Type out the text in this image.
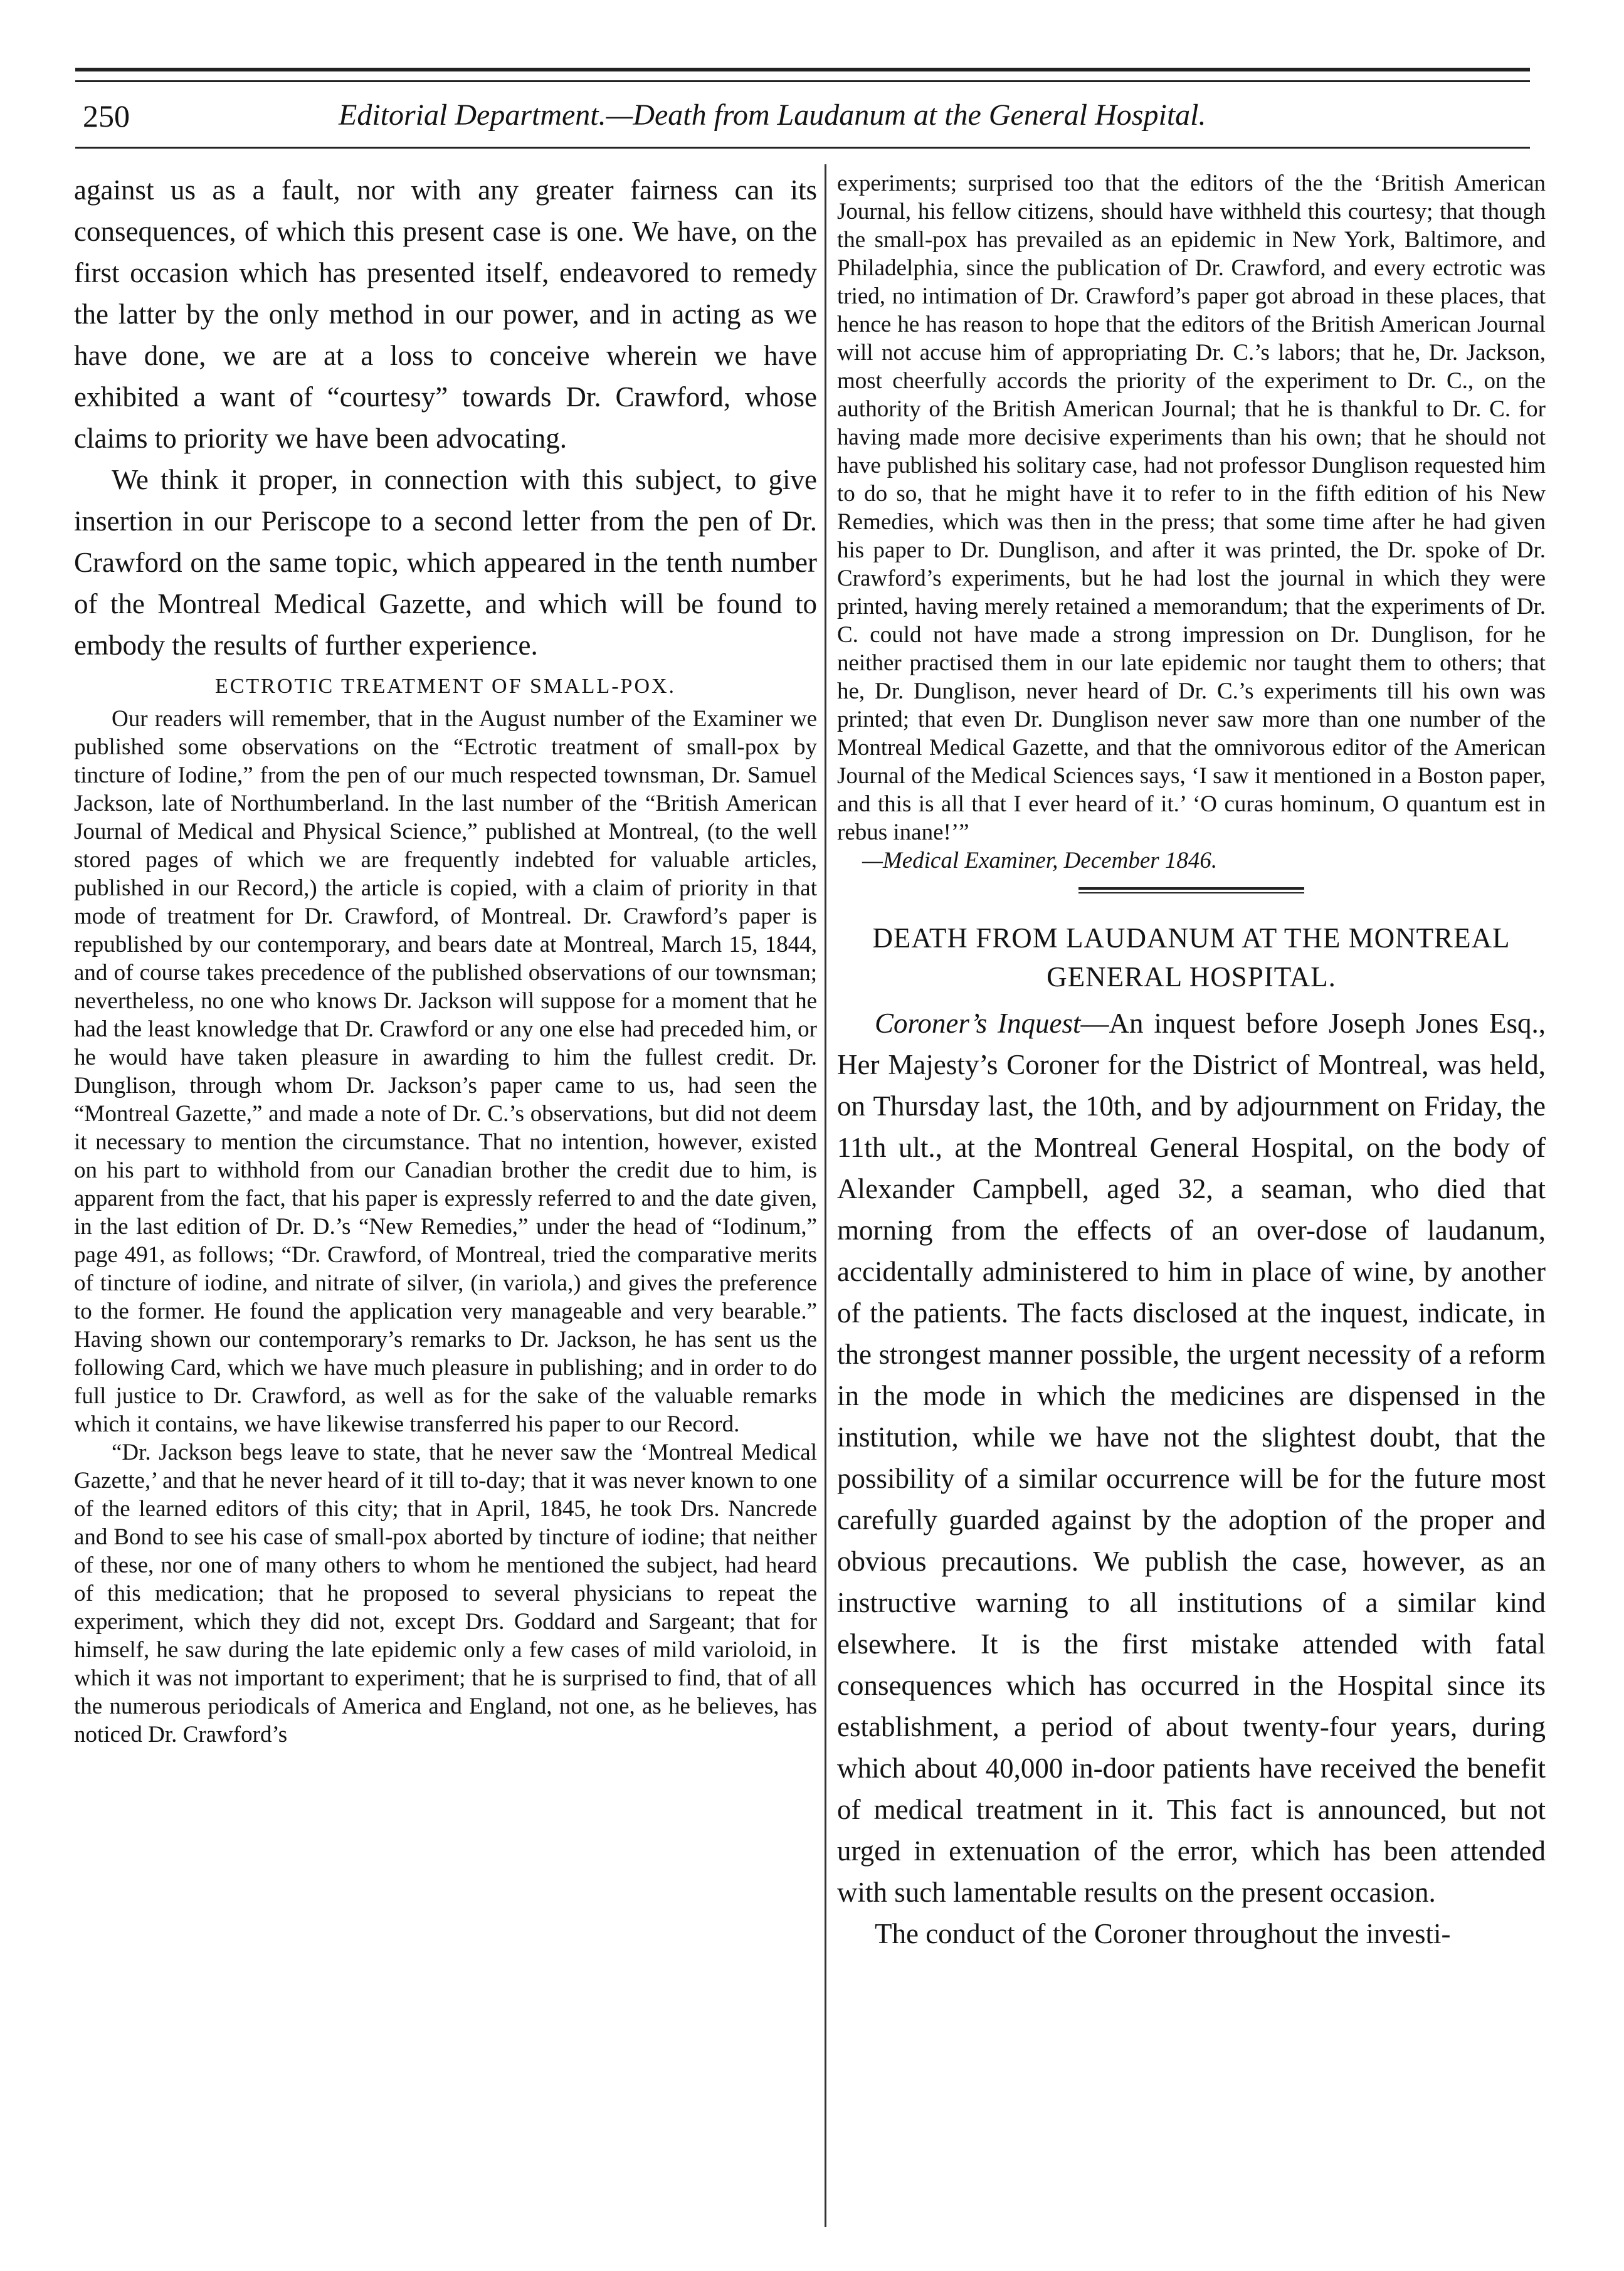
250	Editorial Department.—Death from Laudanum at the General Hospital.

against us as a fault, nor with any greater fairness can its consequences, of which this present case is one. We have, on the first occasion which has presented itself, endeavored to remedy the latter by the only method in our power, and in acting as we have done, we are at a loss to conceive wherein we have exhibited a want of “courtesy” towards Dr. Crawford, whose claims to priority we have been advocating.

We think it proper, in connection with this subject, to give insertion in our Periscope to a second letter from the pen of Dr. Crawford on the same topic, which appeared in the tenth number of the Montreal Medical Gazette, and which will be found to embody the results of further experience.

ECTROTIC TREATMENT OF SMALL-POX.

Our readers will remember, that in the August number of the Examiner we published some observations on the “Ectrotic treatment of small-pox by tincture of Iodine,” from the pen of our much respected townsman, Dr. Samuel Jackson, late of Northumberland. In the last number of the “British American Journal of Medical and Physical Science,” published at Montreal, (to the well stored pages of which we are frequently indebted for valuable articles, published in our Record,) the article is copied, with a claim of priority in that mode of treatment for Dr. Crawford, of Montreal. Dr. Crawford’s paper is republished by our contemporary, and bears date at Montreal, March 15, 1844, and of course takes precedence of the published observations of our townsman; nevertheless, no one who knows Dr. Jackson will suppose for a moment that he had the least knowledge that Dr. Crawford or any one else had preceded him, or he would have taken pleasure in awarding to him the fullest credit. Dr. Dunglison, through whom Dr. Jackson’s paper came to us, had seen the “Montreal Gazette,” and made a note of Dr. C.’s observations, but did not deem it necessary to mention the circumstance. That no intention, however, existed on his part to withhold from our Canadian brother the credit due to him, is apparent from the fact, that his paper is expressly referred to and the date given, in the last edition of Dr. D.’s “New Remedies,” under the head of “Iodinum,” page 491, as follows; “Dr. Crawford, of Montreal, tried the comparative merits of tincture of iodine, and nitrate of silver, (in variola,) and gives the preference to the former. He found the application very manageable and very bearable.” Having shown our contemporary’s remarks to Dr. Jackson, he has sent us the following Card, which we have much pleasure in publishing; and in order to do full justice to Dr. Crawford, as well as for the sake of the valuable remarks which it contains, we have likewise transferred his paper to our Record.

“Dr. Jackson begs leave to state, that he never saw the ‘Montreal Medical Gazette,’ and that he never heard of it till to-day; that it was never known to one of the learned editors of this city; that in April, 1845, he took Drs. Nancrede and Bond to see his case of small-pox aborted by tincture of iodine; that neither of these, nor one of many others to whom he mentioned the subject, had heard of this medication; that he proposed to several physicians to repeat the experiment, which they did not, except Drs. Goddard and Sargeant; that for himself, he saw during the late epidemic only a few cases of mild varioloid, in which it was not important to experiment; that he is surprised to find, that of all the numerous periodicals of America and England, not one, as he believes, has noticed Dr. Crawford’s

experiments; surprised too that the editors of the the ‘British American Journal, his fellow citizens, should have withheld this courtesy; that though the small-pox has prevailed as an epidemic in New York, Baltimore, and Philadelphia, since the publication of Dr. Crawford, and every ectrotic was tried, no intimation of Dr. Crawford’s paper got abroad in these places, that hence he has reason to hope that the editors of the British American Journal will not accuse him of appropriating Dr. C.’s labors; that he, Dr. Jackson, most cheerfully accords the priority of the experiment to Dr. C., on the authority of the British American Journal; that he is thankful to Dr. C. for having made more decisive experiments than his own; that he should not have published his solitary case, had not professor Dunglison requested him to do so, that he might have it to refer to in the fifth edition of his New Remedies, which was then in the press; that some time after he had given his paper to Dr. Dunglison, and after it was printed, the Dr. spoke of Dr. Crawford’s experiments, but he had lost the journal in which they were printed, having merely retained a memorandum; that the experiments of Dr. C. could not have made a strong impression on Dr. Dunglison, for he neither practised them in our late epidemic nor taught them to others; that he, Dr. Dunglison, never heard of Dr. C.’s experiments till his own was printed; that even Dr. Dunglison never saw more than one number of the Montreal Medical Gazette, and that the omnivorous editor of the American Journal of the Medical Sciences says, ‘I saw it mentioned in a Boston paper, and this is all that I ever heard of it.’ ‘O curas hominum, O quantum est in rebus inane!’”

—Medical Examiner, December 1846.

DEATH FROM LAUDANUM AT THE MONTREAL GENERAL HOSPITAL.

Coroner’s Inquest—An inquest before Joseph Jones Esq., Her Majesty’s Coroner for the District of Montreal, was held, on Thursday last, the 10th, and by adjournment on Friday, the 11th ult., at the Montreal General Hospital, on the body of Alexander Campbell, aged 32, a seaman, who died that morning from the effects of an over-dose of laudanum, accidentally administered to him in place of wine, by another of the patients. The facts disclosed at the inquest, indicate, in the strongest manner possible, the urgent necessity of a reform in the mode in which the medicines are dispensed in the institution, while we have not the slightest doubt, that the possibility of a similar occurrence will be for the future most carefully guarded against by the adoption of the proper and obvious precautions. We publish the case, however, as an instructive warning to all institutions of a similar kind elsewhere. It is the first mistake attended with fatal consequences which has occurred in the Hospital since its establishment, a period of about twenty-four years, during which about 40,000 in-door patients have received the benefit of medical treatment in it. This fact is announced, but not urged in extenuation of the error, which has been attended with such lamentable results on the present occasion.

The conduct of the Coroner throughout the investi-
